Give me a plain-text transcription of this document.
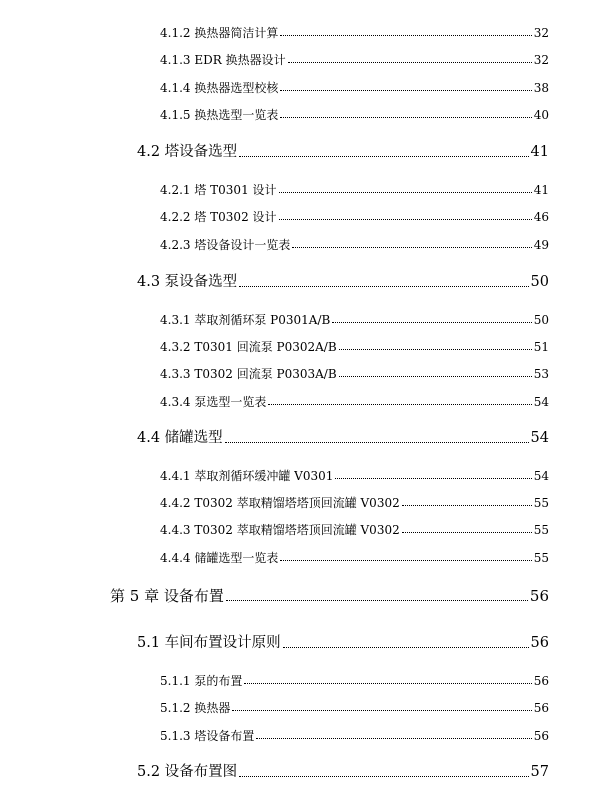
4.1.2 换热器简洁计算	32
4.1.3 EDR 换热器设计	32
4.1.4 换热器选型校核	38
4.1.5 换热选型一览表	40
4.2 塔设备选型	41
4.2.1 塔 T0301 设计	41
4.2.2 塔 T0302 设计	46
4.2.3 塔设备设计一览表	49
4.3 泵设备选型	50
4.3.1 萃取剂循环泵 P0301A/B	50
4.3.2 T0301 回流泵 P0302A/B	51
4.3.3 T0302 回流泵 P0303A/B	53
4.3.4 泵选型一览表	54
4.4 储罐选型	54
4.4.1 萃取剂循环缓冲罐 V0301	54
4.4.2 T0302 萃取精馏塔塔顶回流罐 V0302	55
4.4.3 T0302 萃取精馏塔塔顶回流罐 V0302	55
4.4.4 储罐选型一览表	55
第 5 章 设备布置	56
5.1 车间布置设计原则	56
5.1.1 泵的布置	56
5.1.2 换热器	56
5.1.3 塔设备布置	56
5.2 设备布置图	57
